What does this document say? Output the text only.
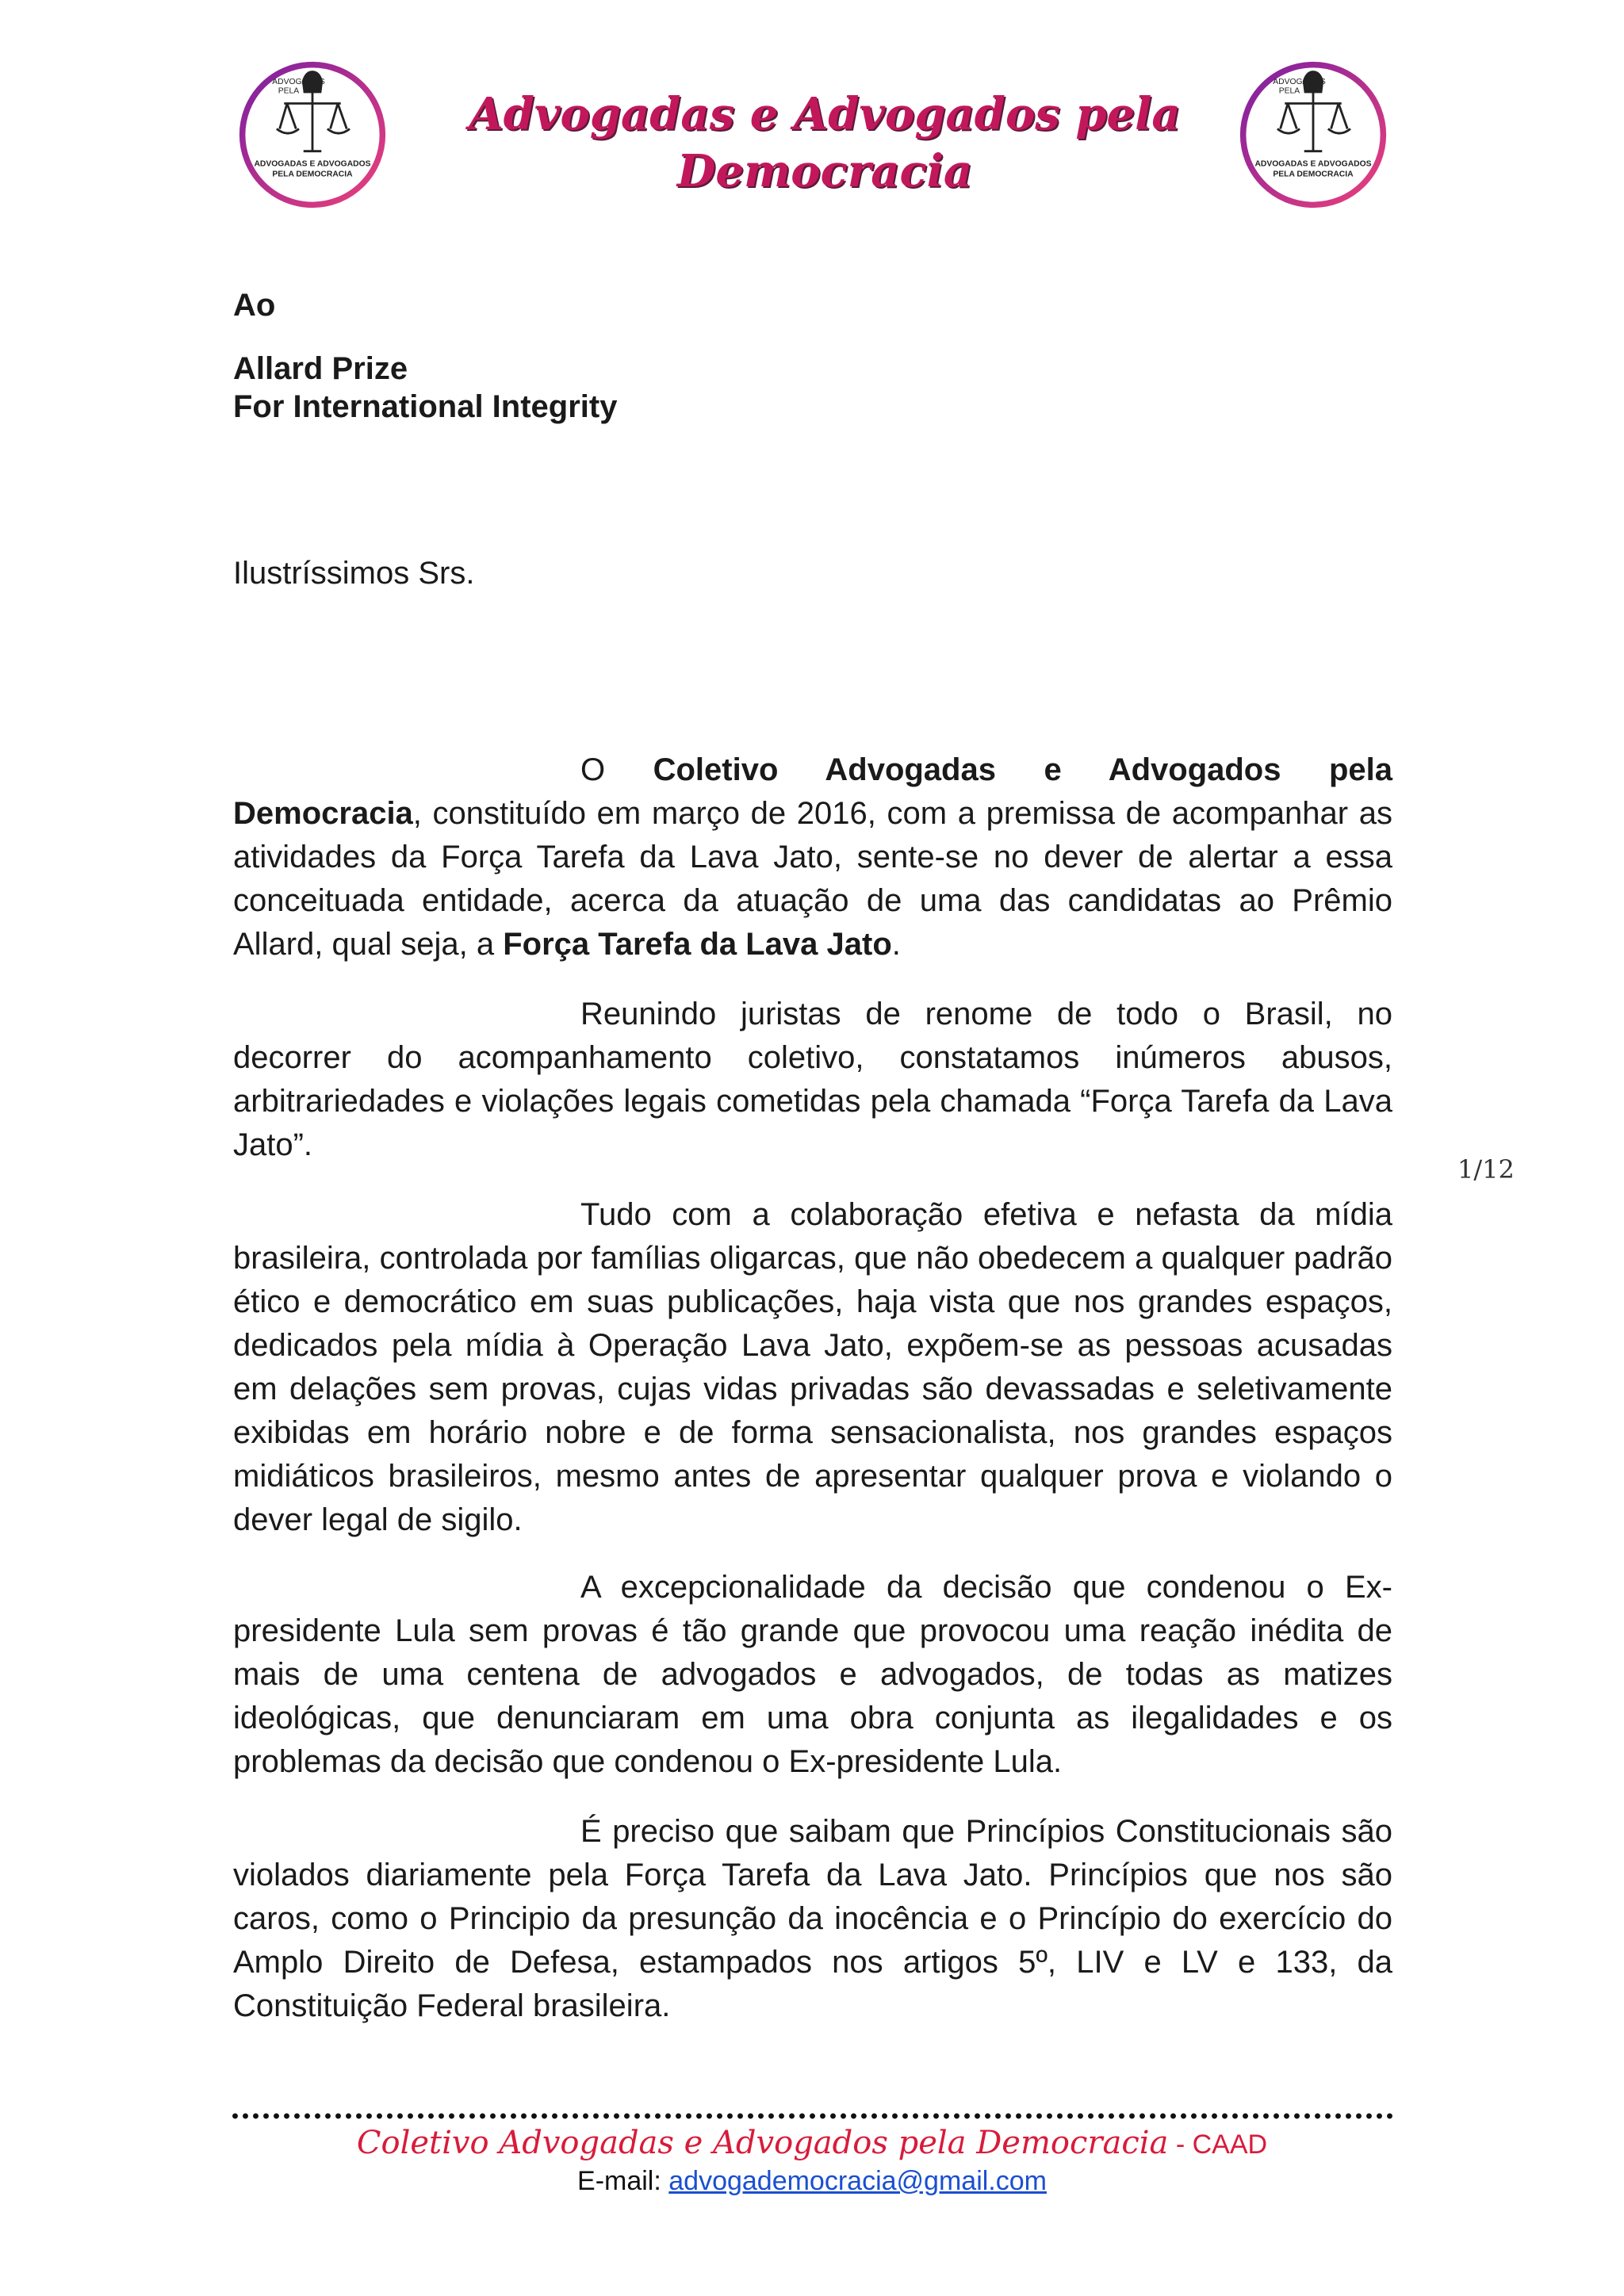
ADVOGADOS
PELA
ADVOGADAS E ADVOGADOS
PELA DEMOCRACIA
ADVOGADOS
PELA
ADVOGADAS E ADVOGADOS
PELA DEMOCRACIA
Advogadas e Advogados pela
Democracia
Ao
Allard Prize
For International Integrity
Ilustríssimos Srs.
O Coletivo Advogadas e Advogados pela Democracia, constituído em março de 2016, com a premissa de acompanhar as atividades da Força Tarefa da Lava Jato, sente-se no dever de alertar a essa conceituada entidade, acerca da atuação de uma das candidatas ao Prêmio Allard, qual seja, a Força Tarefa da Lava Jato.
Reunindo juristas de renome de todo o Brasil, no decorrer do acompanhamento coletivo, constatamos inúmeros abusos, arbitrariedades e violações legais cometidas pela chamada “Força Tarefa da Lava Jato”.
Tudo com a colaboração efetiva e nefasta da mídia brasileira, controlada por famílias oligarcas, que não obedecem a qualquer padrão ético e democrático em suas publicações, haja vista que nos grandes espaços, dedicados pela mídia à Operação Lava Jato, expõem-se as pessoas acusadas em delações sem provas, cujas vidas privadas são devassadas e seletivamente exibidas em horário nobre e de forma sensacionalista, nos grandes espaços midiáticos brasileiros, mesmo antes de apresentar qualquer prova e violando o dever legal de sigilo.
A excepcionalidade da decisão que condenou o Ex-presidente Lula sem provas é tão grande que provocou uma reação inédita de mais de uma centena de advogados e advogados, de todas as matizes ideológicas, que denunciaram em uma obra conjunta as ilegalidades e os problemas da decisão que condenou o Ex-presidente Lula.
É preciso que saibam que Princípios Constitucionais são violados diariamente pela Força Tarefa da Lava Jato. Princípios que nos são caros, como o Principio da presunção da inocência e o Princípio do exercício do Amplo Direito de Defesa, estampados nos artigos 5º, LIV e LV e 133, da Constituição Federal brasileira.
1/12
Coletivo Advogadas e Advogados pela Democracia - CAAD
E-mail: advogademocracia@gmail.com
